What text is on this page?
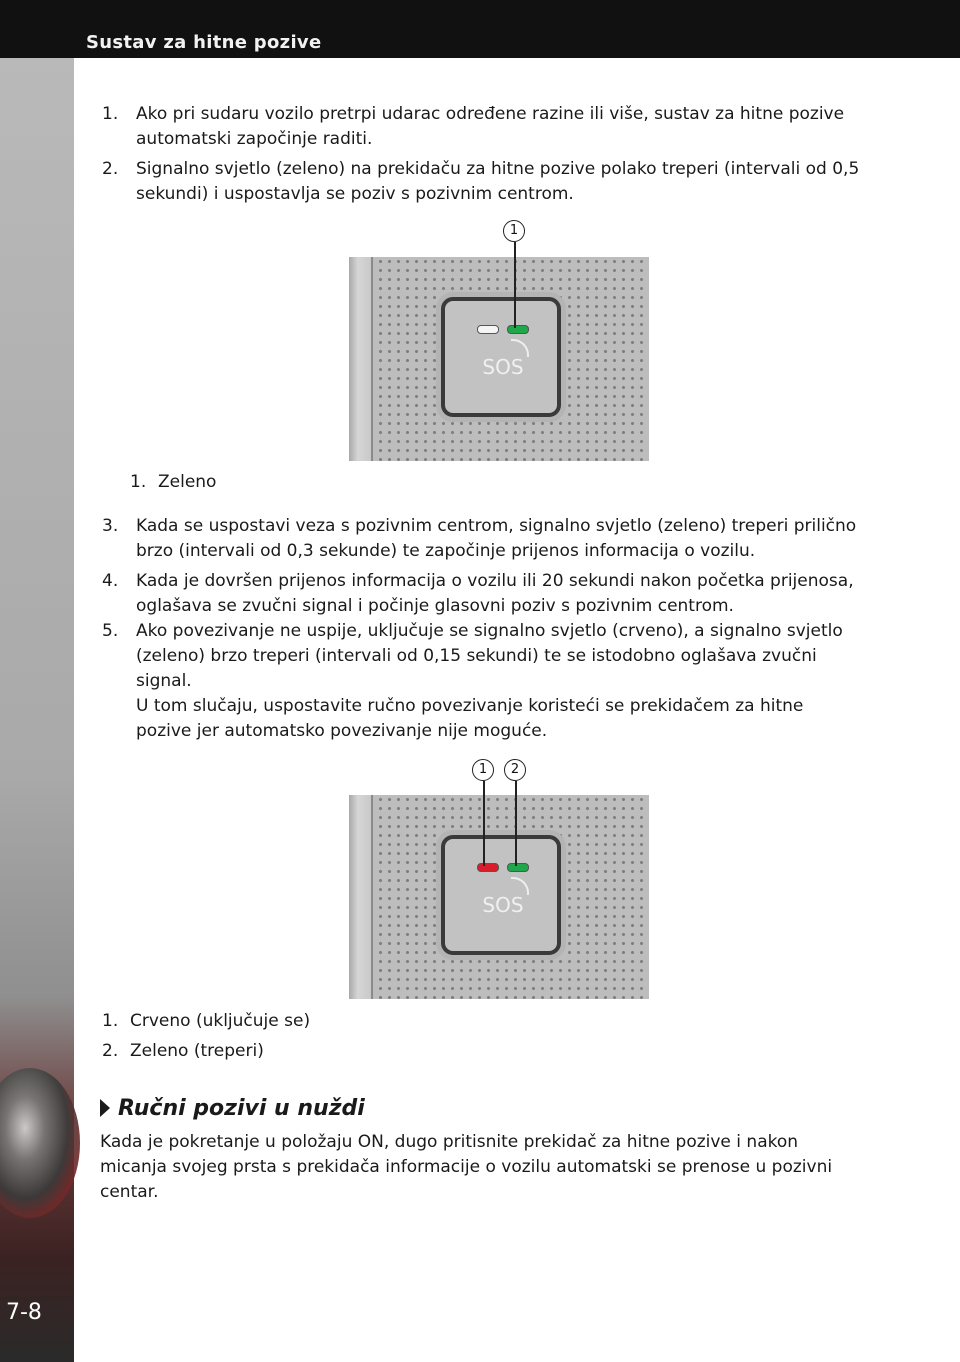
Sustav za hitne pozive
7-8
1. Ako pri sudaru vozilo pretrpi udarac određene razine ili više, sustav za hitne pozive automatski započinje raditi.
2. Signalno svjetlo (zeleno) na prekidaču za hitne pozive polako treperi (intervali od 0,5 sekundi) i uspostavlja se poziv s pozivnim centrom.
1. Zeleno
3. Kada se uspostavi veza s pozivnim centrom, signalno svjetlo (zeleno) treperi prilično brzo (intervali od 0,3 sekunde) te započinje prijenos informacija o vozilu.
4. Kada je dovršen prijenos informacija o vozilu ili 20 sekundi nakon početka prijenosa, oglašava se zvučni signal i počinje glasovni poziv s pozivnim centrom.
5. Ako povezivanje ne uspije, uključuje se signalno svjetlo (crveno), a signalno svjetlo (zeleno) brzo treperi (intervali od 0,15 sekundi) te se istodobno oglašava zvučni signal.
U tom slučaju, uspostavite ručno povezivanje koristeći se prekidačem za hitne pozive jer automatsko povezivanje nije moguće.
1. Crveno (uključuje se)
2. Zeleno (treperi)
Ručni pozivi u nuždi
Kada je pokretanje u položaju ON, dugo pritisnite prekidač za hitne pozive i nakon micanja svojeg prsta s prekidača informacije o vozilu automatski se prenose u pozivni centar.
1
SOS
1	2
SOS
